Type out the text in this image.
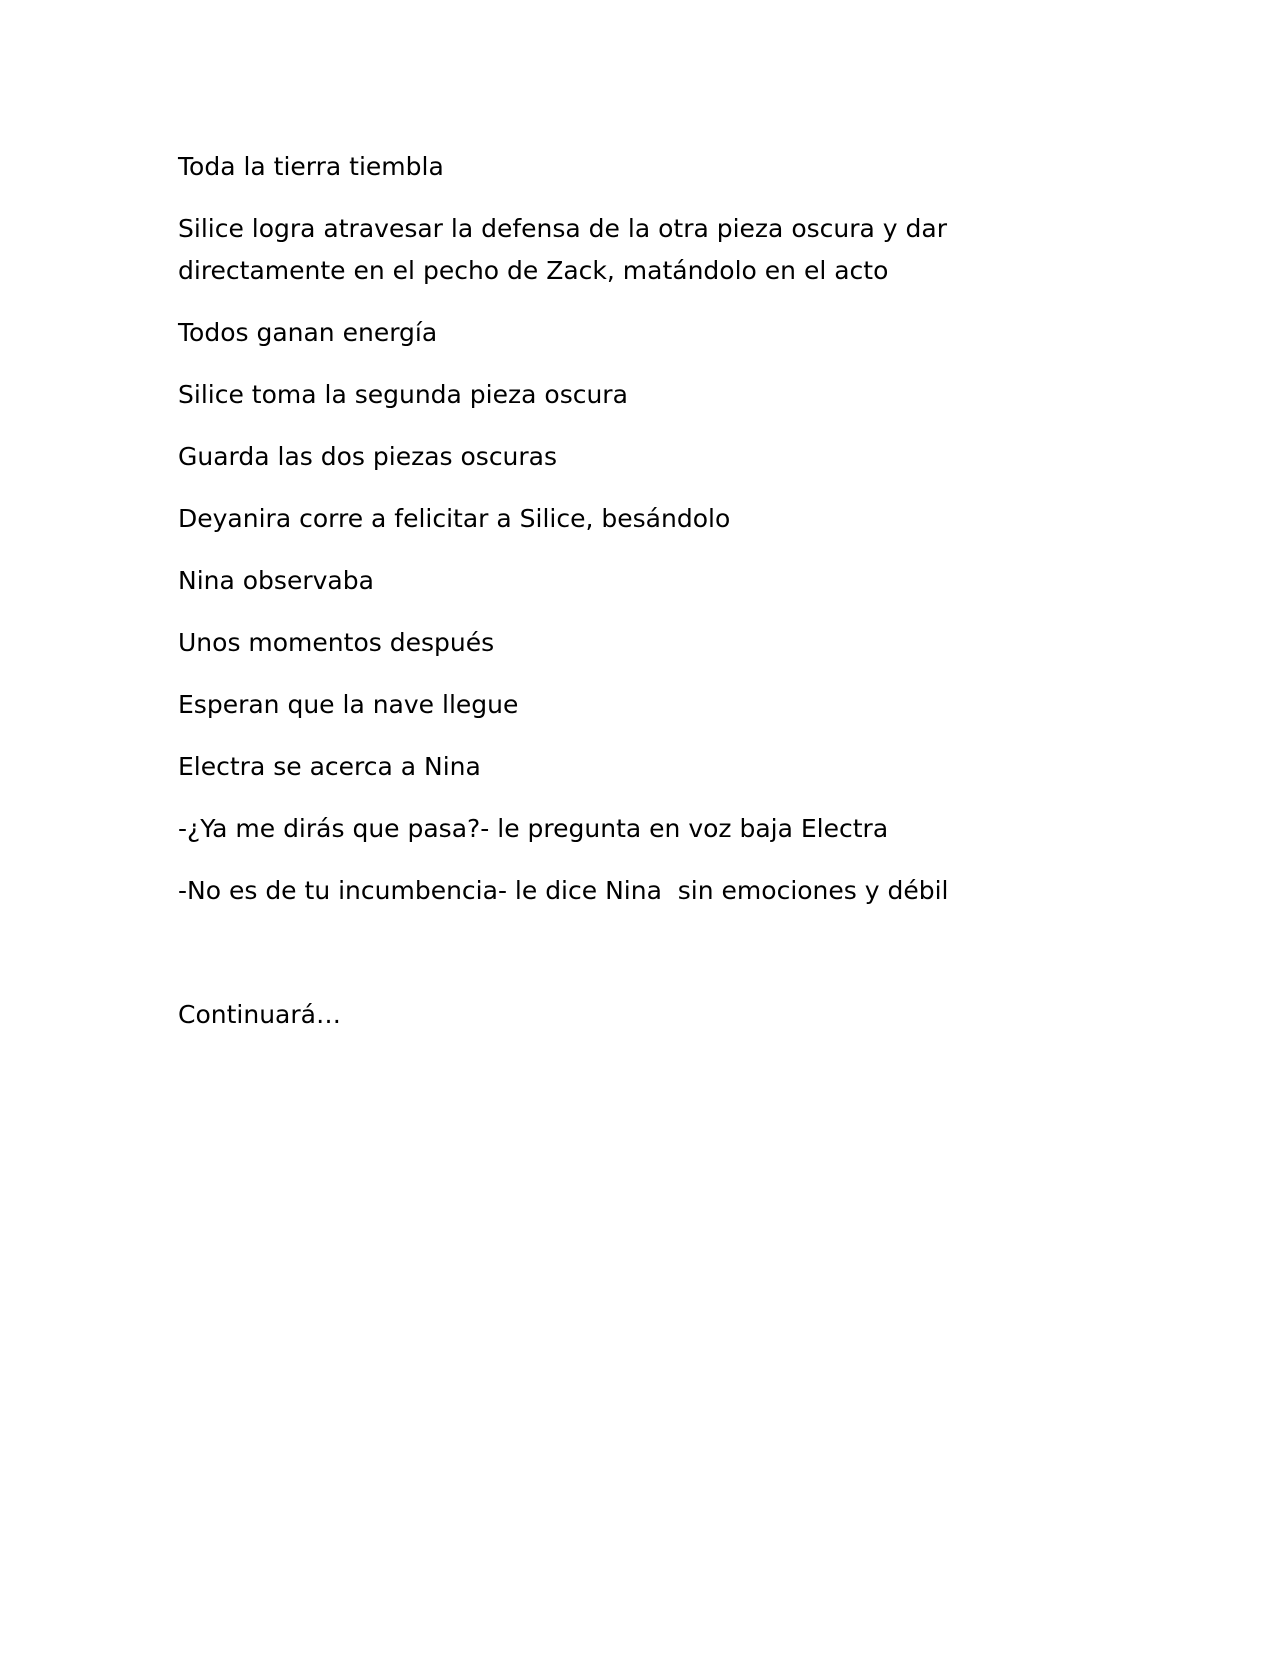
Toda la tierra tiembla

Silice logra atravesar la defensa de la otra pieza oscura y dar directamente en el pecho de Zack, matándolo en el acto

Todos ganan energía

Silice toma la segunda pieza oscura

Guarda las dos piezas oscuras

Deyanira corre a felicitar a Silice, besándolo

Nina observaba

Unos momentos después

Esperan que la nave llegue

Electra se acerca a Nina

-¿Ya me dirás que pasa?- le pregunta en voz baja Electra

-No es de tu incumbencia- le dice Nina  sin emociones y débil

Continuará…
